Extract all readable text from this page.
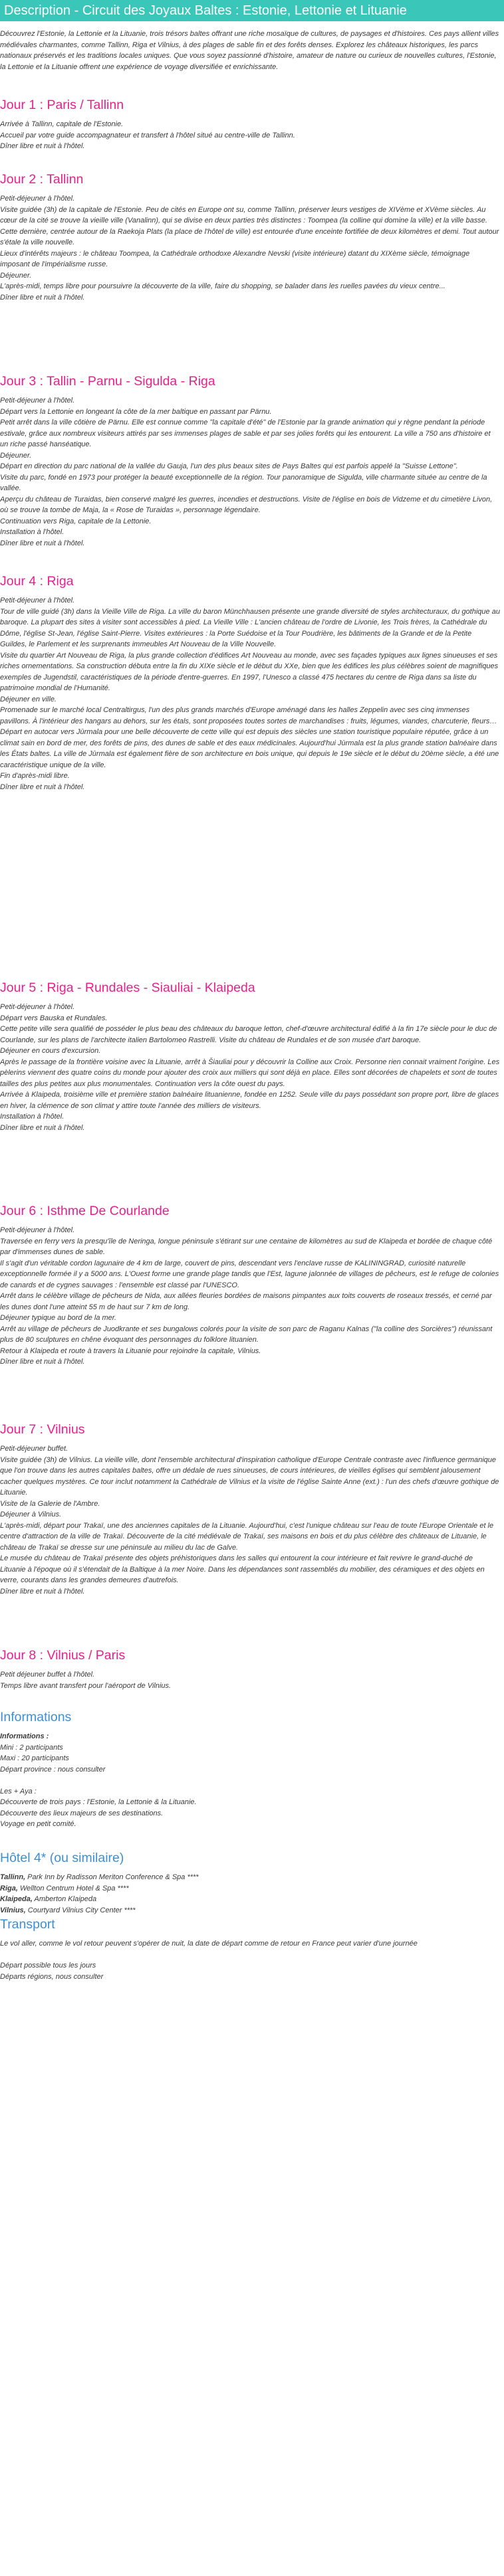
Description - Circuit des Joyaux Baltes : Estonie, Lettonie et Lituanie

Découvrez l'Estonie, la Lettonie et la Lituanie, trois trésors baltes offrant une riche mosaïque de cultures, de paysages et d'histoires. Ces pays allient villes médiévales charmantes, comme Tallinn, Riga et Vilnius, à des plages de sable fin et des forêts denses. Explorez les châteaux historiques, les parcs nationaux préservés et les traditions locales uniques. Que vous soyez passionné d'histoire, amateur de nature ou curieux de nouvelles cultures, l'Estonie, la Lettonie et la Lituanie offrent une expérience de voyage diversifiée et enrichissante.

Jour 1 : Paris / Tallinn

Arrivée à Tallinn, capitale de l'Estonie.

Accueil par votre guide accompagnateur et transfert à l'hôtel situé au centre-ville de Tallinn.

Dîner libre et nuit à l'hôtel.

Jour 2 : Tallinn

Petit-déjeuner à l'hôtel.

Visite guidée (3h) de la capitale de l'Estonie. Peu de cités en Europe ont su, comme Tallinn, préserver leurs vestiges de XIVème et XVème siècles. Au cœur de la cité se trouve la vieille ville (Vanalinn), qui se divise en deux parties très distinctes : Toompea (la colline qui domine la ville) et la ville basse. Cette dernière, centrée autour de la Raekoja Plats (la place de l'hôtel de ville) est entourée d'une enceinte fortifiée de deux kilomètres et demi. Tout autour s'étale la ville nouvelle.

Lieux d'intérêts majeurs : le château Toompea, la Cathédrale orthodoxe Alexandre Nevski (visite intérieure) datant du XIXème siècle, témoignage imposant de l'impérialisme russe.

Déjeuner.

L'après-midi, temps libre pour poursuivre la découverte de la ville, faire du shopping, se balader dans les ruelles pavées du vieux centre...

Dîner libre et nuit à l'hôtel.

Jour 3 : Tallin - Parnu - Sigulda - Riga

Petit-déjeuner à l'hôtel.

Départ vers la Lettonie en longeant la côte de la mer baltique en passant par Pärnu.

Petit arrêt dans la ville côtière de Pärnu. Elle est connue comme "la capitale d'été" de l'Estonie par la grande animation qui y règne pendant la période estivale, grâce aux nombreux visiteurs attirés par ses immenses plages de sable et par ses jolies forêts qui les entourent. La ville a 750 ans d'histoire et un riche passé hanséatique.

Déjeuner.

Départ en direction du parc national de la vallée du Gauja, l'un des plus beaux sites de Pays Baltes qui est parfois appelé la "Suisse Lettone".

Visite du parc, fondé en 1973 pour protéger la beauté exceptionnelle de la région. Tour panoramique de Sigulda, ville charmante située au centre de la vallée.

Aperçu du château de Turaidas, bien conservé malgré les guerres, incendies et destructions. Visite de l'église en bois de Vidzeme et du cimetière Livon, où se trouve la tombe de Maja, la « Rose de Turaidas », personnage légendaire.

Continuation vers Riga, capitale de la Lettonie.

Installation à l'hôtel.

Dîner libre et nuit à l'hôtel.

Jour 4 : Riga

Petit-déjeuner à l'hôtel.

Tour de ville guidé (3h) dans la Vieille Ville de Riga. La ville du baron Münchhausen présente une grande diversité de styles architecturaux, du gothique au baroque. La plupart des sites à visiter sont accessibles à pied. La Vieille Ville : L'ancien château de l'ordre de Livonie, les Trois frères, la Cathédrale du Dôme, l'église St-Jean, l'église Saint-Pierre. Visites extérieures : la Porte Suédoise et la Tour Poudrière, les bâtiments de la Grande et de la Petite Guildes, le Parlement et les surprenants immeubles Art Nouveau de la Ville Nouvelle.

Visite du quartier Art Nouveau de Riga, la plus grande collection d'édifices Art Nouveau au monde, avec ses façades typiques aux lignes sinueuses et ses riches ornementations. Sa construction débuta entre la fin du XIXe siècle et le début du XXe, bien que les édifices les plus célèbres soient de magnifiques exemples de Jugendstil, caractéristiques de la période d'entre-guerres. En 1997, l'Unesco a classé 475 hectares du centre de Riga dans sa liste du patrimoine mondial de l'Humanité.

Déjeuner en ville.

Promenade sur le marché local Centraltirgus, l'un des plus grands marchés d'Europe aménagé dans les halles Zeppelin avec ses cinq immenses pavillons. À l'intérieur des hangars au dehors, sur les étals, sont proposées toutes sortes de marchandises : fruits, légumes, viandes, charcuterie, fleurs…

Départ en autocar vers Jūrmala pour une belle découverte de cette ville qui est depuis des siècles une station touristique populaire réputée, grâce à un climat sain en bord de mer, des forêts de pins, des dunes de sable et des eaux médicinales. Aujourd'hui Jūrmala est la plus grande station balnéaire dans les États baltes. La ville de Jūrmala est également fière de son architecture en bois unique, qui depuis le 19e siècle et le début du 20ème siècle, a été une caractéristique unique de la ville.

Fin d'après-midi libre.

Dîner libre et nuit à l'hôtel.

Jour 5 : Riga - Rundales - Siauliai - Klaipeda

Petit-déjeuner à l'hôtel.

Départ vers Bauska et Rundales.

Cette petite ville sera qualifié de posséder le plus beau des châteaux du baroque letton, chef-d'œuvre architectural édifié à la fin 17e siècle pour le duc de Courlande, sur les plans de l'architecte italien Bartolomeo Rastrelli. Visite du château de Rundales et de son musée d'art baroque.

Déjeuner en cours d'excursion.

Après le passage de la frontière voisine avec la Lituanie, arrêt à Šiauliai pour y découvrir la Colline aux Croix. Personne rien connait vraiment l'origine. Les pèlerins viennent des quatre coins du monde pour ajouter des croix aux milliers qui sont déjà en place. Elles sont décorées de chapelets et sont de toutes tailles des plus petites aux plus monumentales. Continuation vers la côte ouest du pays.

Arrivée à Klaipeda, troisième ville et première station balnéaire lituanienne, fondée en 1252. Seule ville du pays possédant son propre port, libre de glaces en hiver, la clémence de son climat y attire toute l'année des milliers de visiteurs.

Installation à l'hôtel.

Dîner libre et nuit à l'hôtel.

Jour 6 : Isthme De Courlande

Petit-déjeuner à l'hôtel.

Traversée en ferry vers la presqu'île de Neringa, longue péninsule s'étirant sur une centaine de kilomètres au sud de Klaipeda et bordée de chaque côté par d'immenses dunes de sable.

Il s'agit d'un véritable cordon lagunaire de 4 km de large, couvert de pins, descendant vers l'enclave russe de KALININGRAD, curiosité naturelle exceptionnelle formée il y a 5000 ans. L'Ouest forme une grande plage tandis que l'Est, lagune jalonnée de villages de pêcheurs, est le refuge de colonies de canards et de cygnes sauvages : l'ensemble est classé par l'UNESCO.

Arrêt dans le célèbre village de pêcheurs de Nida, aux allées fleuries bordées de maisons pimpantes aux toits couverts de roseaux tressés, et cerné par les dunes dont l'une atteint 55 m de haut sur 7 km de long.

Déjeuner typique au bord de la mer.

Arrêt au village de pêcheurs de Juodkrante et ses bungalows colorés pour la visite de son parc de Raganu Kalnas ("la colline des Sorcières") réunissant plus de 80 sculptures en chêne évoquant des personnages du folklore lituanien.

Retour à Klaipeda et route à travers la Lituanie pour rejoindre la capitale, Vilnius.

Dîner libre et nuit à l'hôtel.

Jour 7 : Vilnius

Petit-déjeuner buffet.

Visite guidée (3h) de Vilnius. La vieille ville, dont l'ensemble architectural d'inspiration catholique d'Europe Centrale contraste avec l'influence germanique que l'on trouve dans les autres capitales baltes, offre un dédale de rues sinueuses, de cours intérieures, de vieilles églises qui semblent jalousement cacher quelques mystères. Ce tour inclut notamment la Cathédrale de Vilnius et la visite de l'église Sainte Anne (ext.) : l'un des chefs d'œuvre gothique de Lituanie.

Visite de la Galerie de l'Ambre.

Déjeuner à Vilnius.

L'après-midi, départ pour Trakaï, une des anciennes capitales de la Lituanie. Aujourd'hui, c'est l'unique château sur l'eau de toute l'Europe Orientale et le centre d'attraction de la ville de Trakaï. Découverte de la cité médiévale de Trakaï, ses maisons en bois et du plus célèbre des châteaux de Lituanie, le château de Trakaï se dresse sur une péninsule au milieu du lac de Galve.

Le musée du château de Trakaï présente des objets préhistoriques dans les salles qui entourent la cour intérieure et fait revivre le grand-duché de Lituanie à l'époque où il s'étendait de la Baltique à la mer Noire. Dans les dépendances sont rassemblés du mobilier, des céramiques et des objets en verre, courants dans les grandes demeures d'autrefois.

Dîner libre et nuit à l'hôtel.

Jour 8 : Vilnius / Paris

Petit déjeuner buffet à l'hôtel.

Temps libre avant transfert pour l'aéroport de Vilnius.

Informations

Informations :

Mini : 2 participants

Maxi : 20 participants

Départ province : nous consulter

Les + Aya :

Découverte de trois pays : l'Estonie, la Lettonie & la Lituanie.

Découverte des lieux majeurs de ses destinations.

Voyage en petit comité.

Hôtel 4* (ou similaire)

Tallinn, Park Inn by Radisson Meriton Conference & Spa ****

Riga, Wellton Centrum Hotel & Spa ****

Klaipeda, Amberton Klaipeda

Vilnius, Courtyard Vilnius City Center ****

Transport

Le vol aller, comme le vol retour peuvent s'opérer de nuit, la date de départ comme de retour en France peut varier d'une journée

Départ possible tous les jours

Départs régions, nous consulter
